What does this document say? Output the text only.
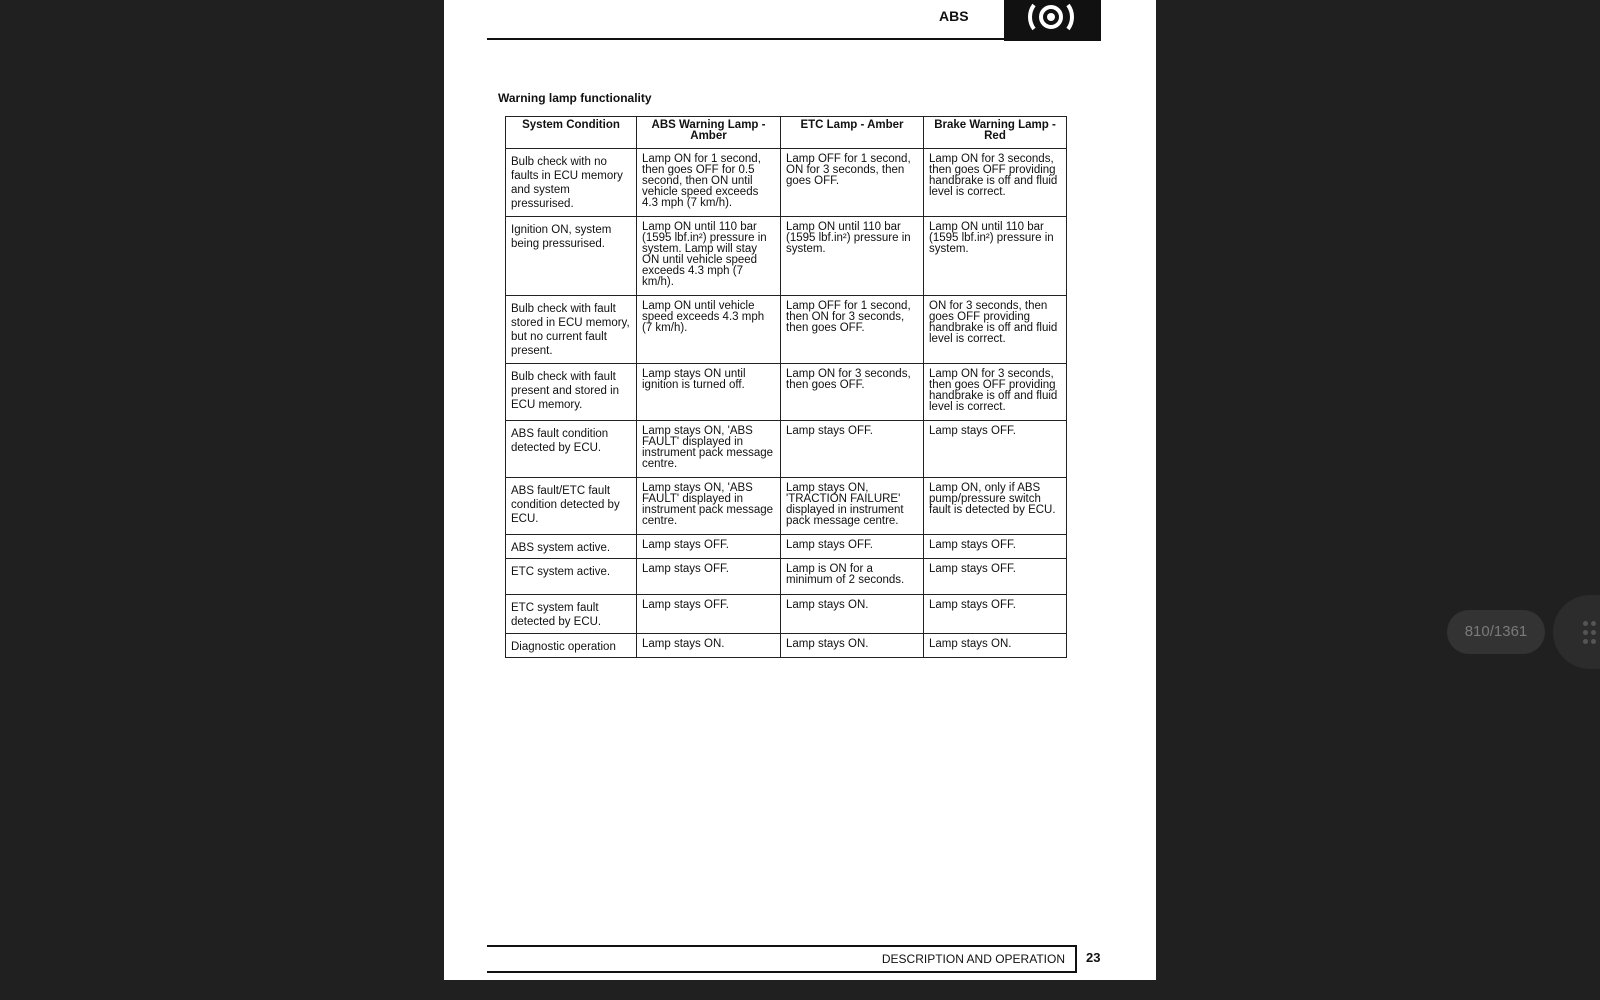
ABS
Warning lamp functionality
System Condition	ABS Warning Lamp - Amber	ETC Lamp - Amber	Brake Warning Lamp - Red
Bulb check with no faults in ECU memory and system pressurised.	Lamp ON for 1 second, then goes OFF for 0.5 second, then ON until vehicle speed exceeds 4.3 mph (7 km/h).	Lamp OFF for 1 second, ON for 3 seconds, then goes OFF.	Lamp ON for 3 seconds, then goes OFF providing handbrake is off and fluid level is correct.
Ignition ON, system being pressurised.	Lamp ON until 110 bar (1595 lbf.in²) pressure in system. Lamp will stay ON until vehicle speed exceeds 4.3 mph (7 km/h).	Lamp ON until 110 bar (1595 lbf.in²) pressure in system.	Lamp ON until 110 bar (1595 lbf.in²) pressure in system.
Bulb check with fault stored in ECU memory, but no current fault present.	Lamp ON until vehicle speed exceeds 4.3 mph (7 km/h).	Lamp OFF for 1 second, then ON for 3 seconds, then goes OFF.	ON for 3 seconds, then goes OFF providing handbrake is off and fluid level is correct.
Bulb check with fault present and stored in ECU memory.	Lamp stays ON until ignition is turned off.	Lamp ON for 3 seconds, then goes OFF.	Lamp ON for 3 seconds, then goes OFF providing handbrake is off and fluid level is correct.
ABS fault condition detected by ECU.	Lamp stays ON, 'ABS FAULT' displayed in instrument pack message centre.	Lamp stays OFF.	Lamp stays OFF.
ABS fault/ETC fault condition detected by ECU.	Lamp stays ON, 'ABS FAULT' displayed in instrument pack message centre.	Lamp stays ON, 'TRACTION FAILURE' displayed in instrument pack message centre.	Lamp ON, only if ABS pump/pressure switch fault is detected by ECU.
ABS system active.	Lamp stays OFF.	Lamp stays OFF.	Lamp stays OFF.
ETC system active.	Lamp stays OFF.	Lamp is ON for a minimum of 2 seconds.	Lamp stays OFF.
ETC system fault detected by ECU.	Lamp stays OFF.	Lamp stays ON.	Lamp stays OFF.
Diagnostic operation	Lamp stays ON.	Lamp stays ON.	Lamp stays ON.
DESCRIPTION AND OPERATION 23
810/1361
